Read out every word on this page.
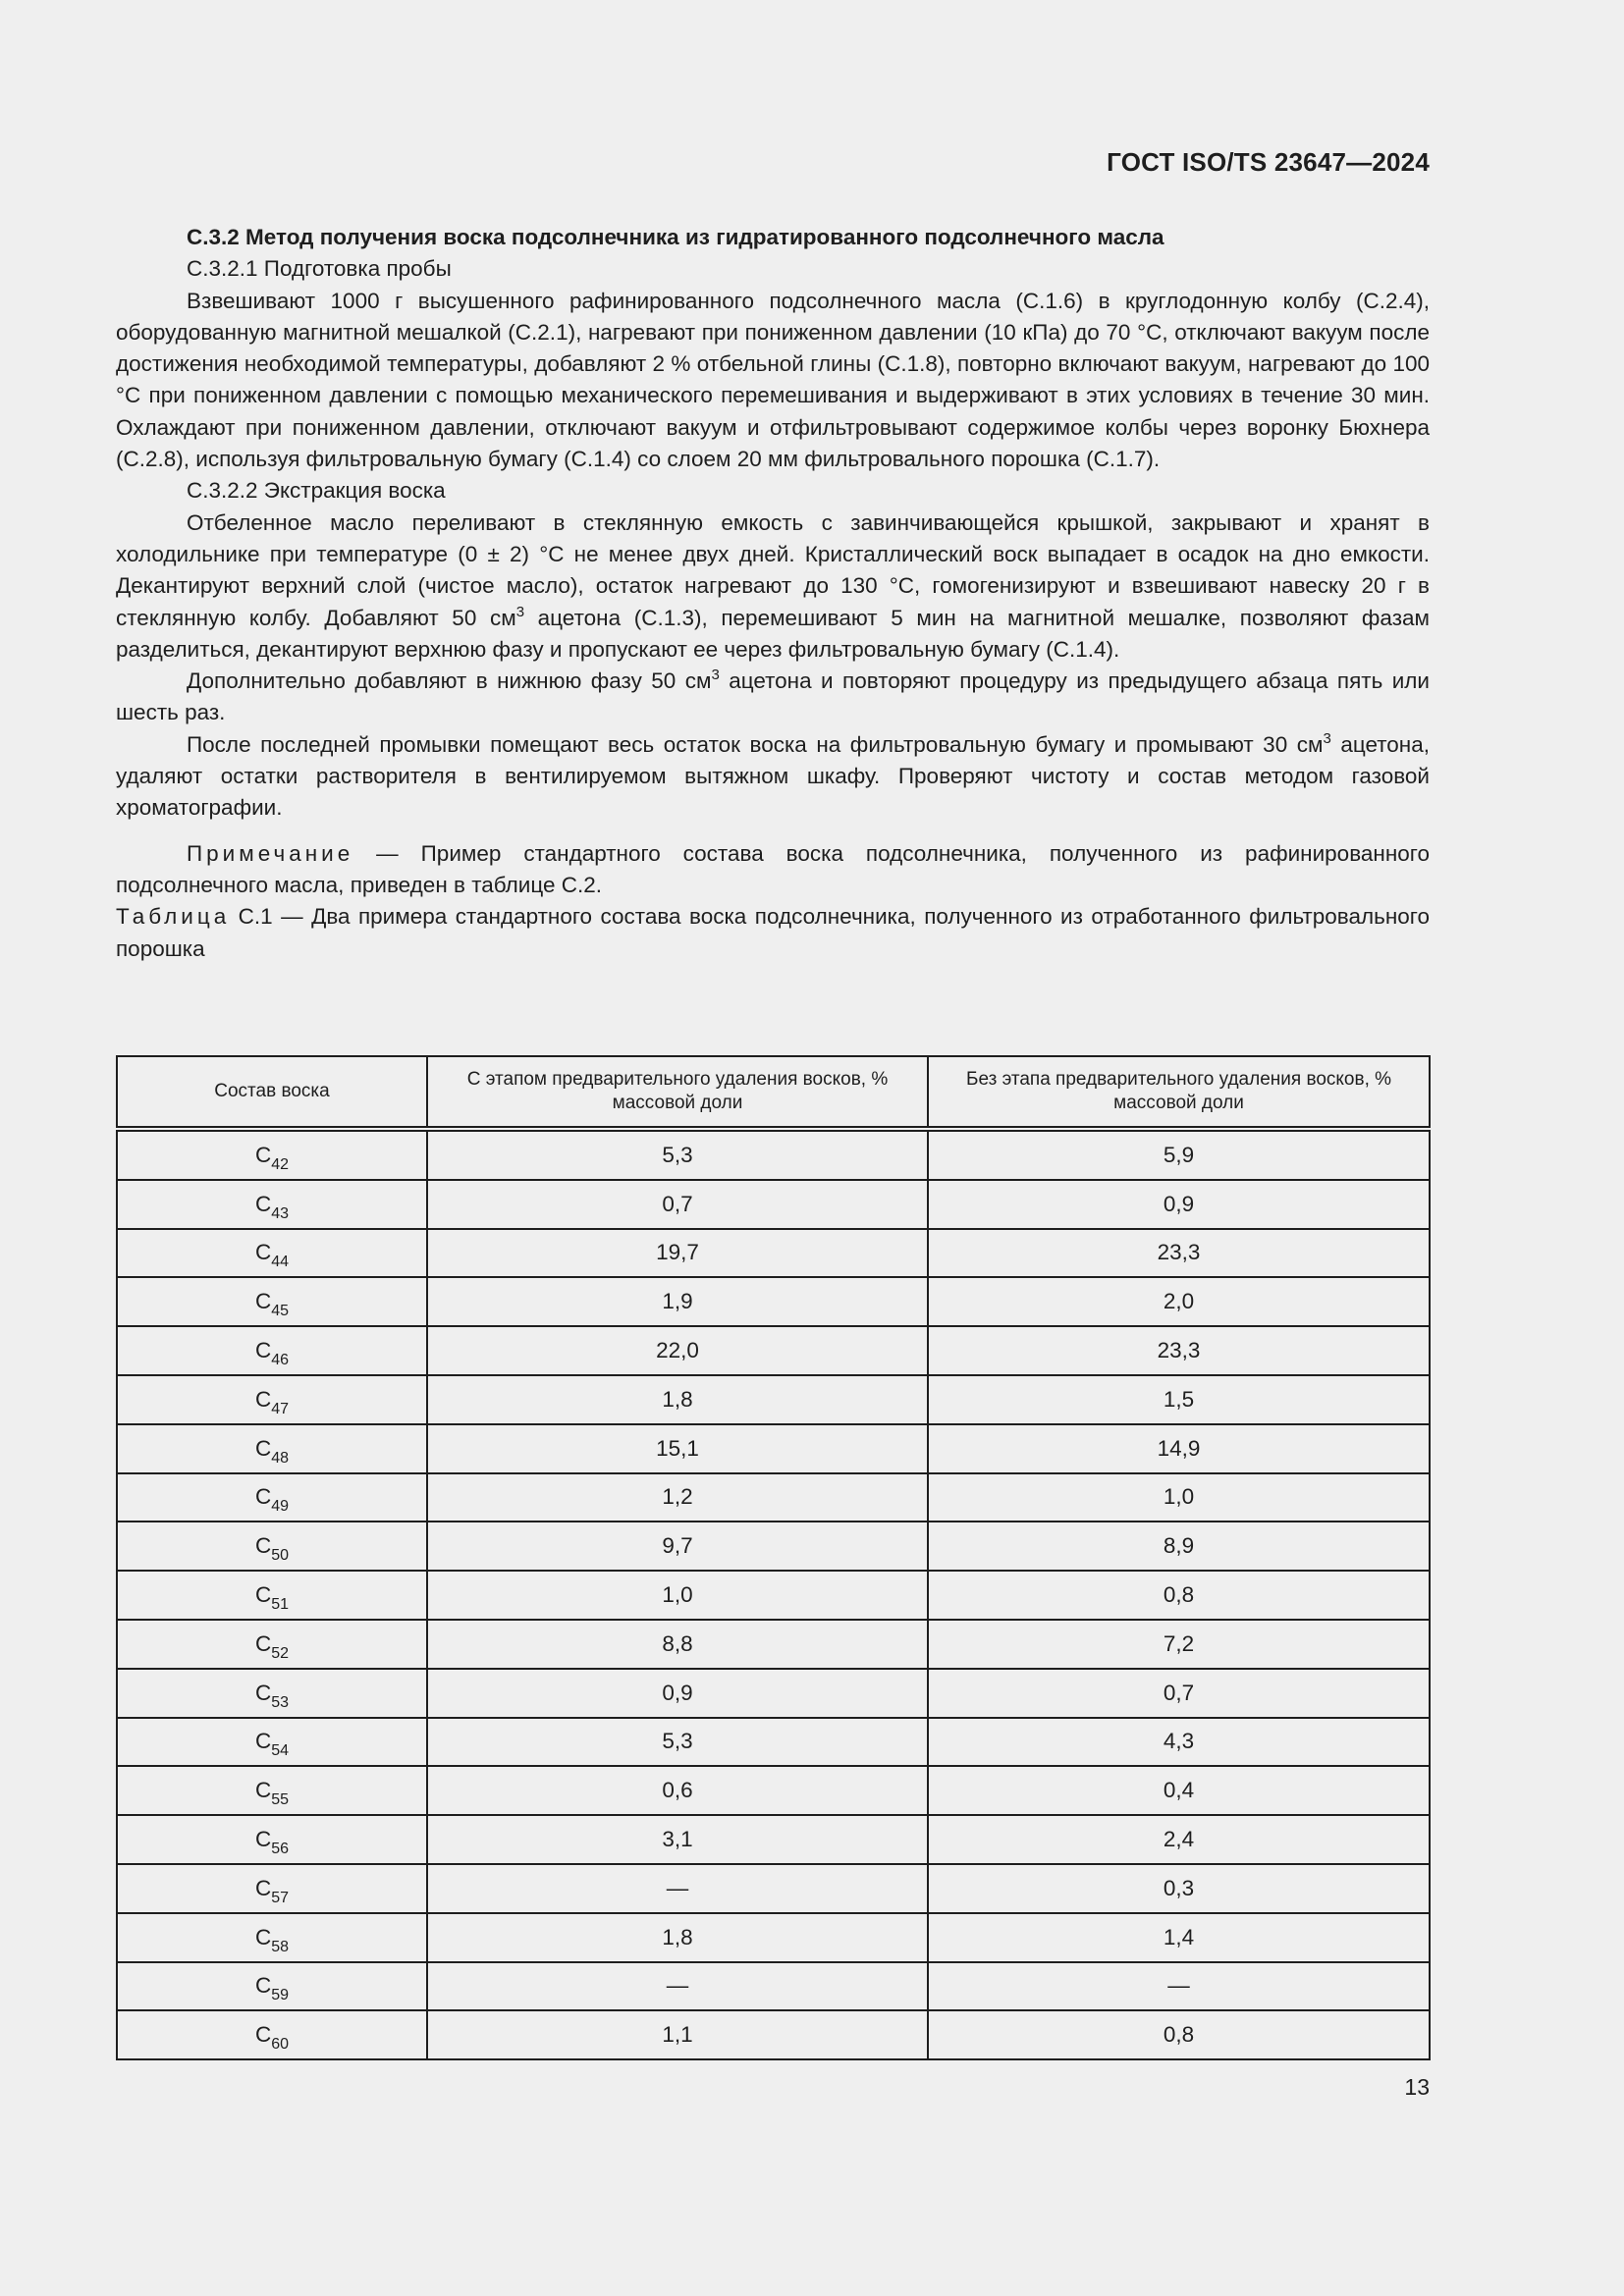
ГОСТ ISO/TS 23647—2024

С.3.2 Метод получения воска подсолнечника из гидратированного подсолнечного масла

С.3.2.1 Подготовка пробы

Взвешивают 1000 г высушенного рафинированного подсолнечного масла (С.1.6) в круглодонную колбу (С.2.4), оборудованную магнитной мешалкой (С.2.1), нагревают при пониженном давлении (10 кПа) до 70 °С, отключают вакуум после достижения необходимой температуры, добавляют 2 % отбельной глины (С.1.8), повторно включают вакуум, нагревают до 100 °С при пониженном давлении с помощью механического перемешивания и выдерживают в этих условиях в течение 30 мин. Охлаждают при пониженном давлении, отключают вакуум и отфильтровывают содержимое колбы через воронку Бюхнера (С.2.8), используя фильтровальную бумагу (С.1.4) со слоем 20 мм фильтровального порошка (С.1.7).

С.3.2.2 Экстракция воска

Отбеленное масло переливают в стеклянную емкость с завинчивающейся крышкой, закрывают и хранят в холодильнике при температуре (0 ± 2) °С не менее двух дней. Кристаллический воск выпадает в осадок на дно емкости. Декантируют верхний слой (чистое масло), остаток нагревают до 130 °С, гомогенизируют и взвешивают навеску 20 г в стеклянную колбу. Добавляют 50 $см^3$ ацетона (С.1.3), перемешивают 5 мин на магнитной мешалке, позволяют фазам разделиться, декантируют верхнюю фазу и пропускают ее через фильтровальную бумагу (С.1.4).

Дополнительно добавляют в нижнюю фазу 50 $см^3$ ацетона и повторяют процедуру из предыдущего абзаца пять или шесть раз.

После последней промывки помещают весь остаток воска на фильтровальную бумагу и промывают 30 $см^3$ ацетона, удаляют остатки растворителя в вентилируемом вытяжном шкафу. Проверяют чистоту и состав методом газовой хроматографии.

Примечание — Пример стандартного состава воска подсолнечника, полученного из рафинированного подсолнечного масла, приведен в таблице С.2.

Таблица С.1 — Два примера стандартного состава воска подсолнечника, полученного из отработанного фильтровального порошка

Состав воска	С этапом предварительного удаления восков, % массовой доли	Без этапа предварительного удаления восков, % массовой доли
$C_{42}$	5,3	5,9
$C_{43}$	0,7	0,9
$C_{44}$	19,7	23,3
$C_{45}$	1,9	2,0
$C_{46}$	22,0	23,3
$C_{47}$	1,8	1,5
$C_{48}$	15,1	14,9
$C_{49}$	1,2	1,0
$C_{50}$	9,7	8,9
$C_{51}$	1,0	0,8
$C_{52}$	8,8	7,2
$C_{53}$	0,9	0,7
$C_{54}$	5,3	4,3
$C_{55}$	0,6	0,4
$C_{56}$	3,1	2,4
$C_{57}$	—	0,3
$C_{58}$	1,8	1,4
$C_{59}$	—	—
$C_{60}$	1,1	0,8
13
